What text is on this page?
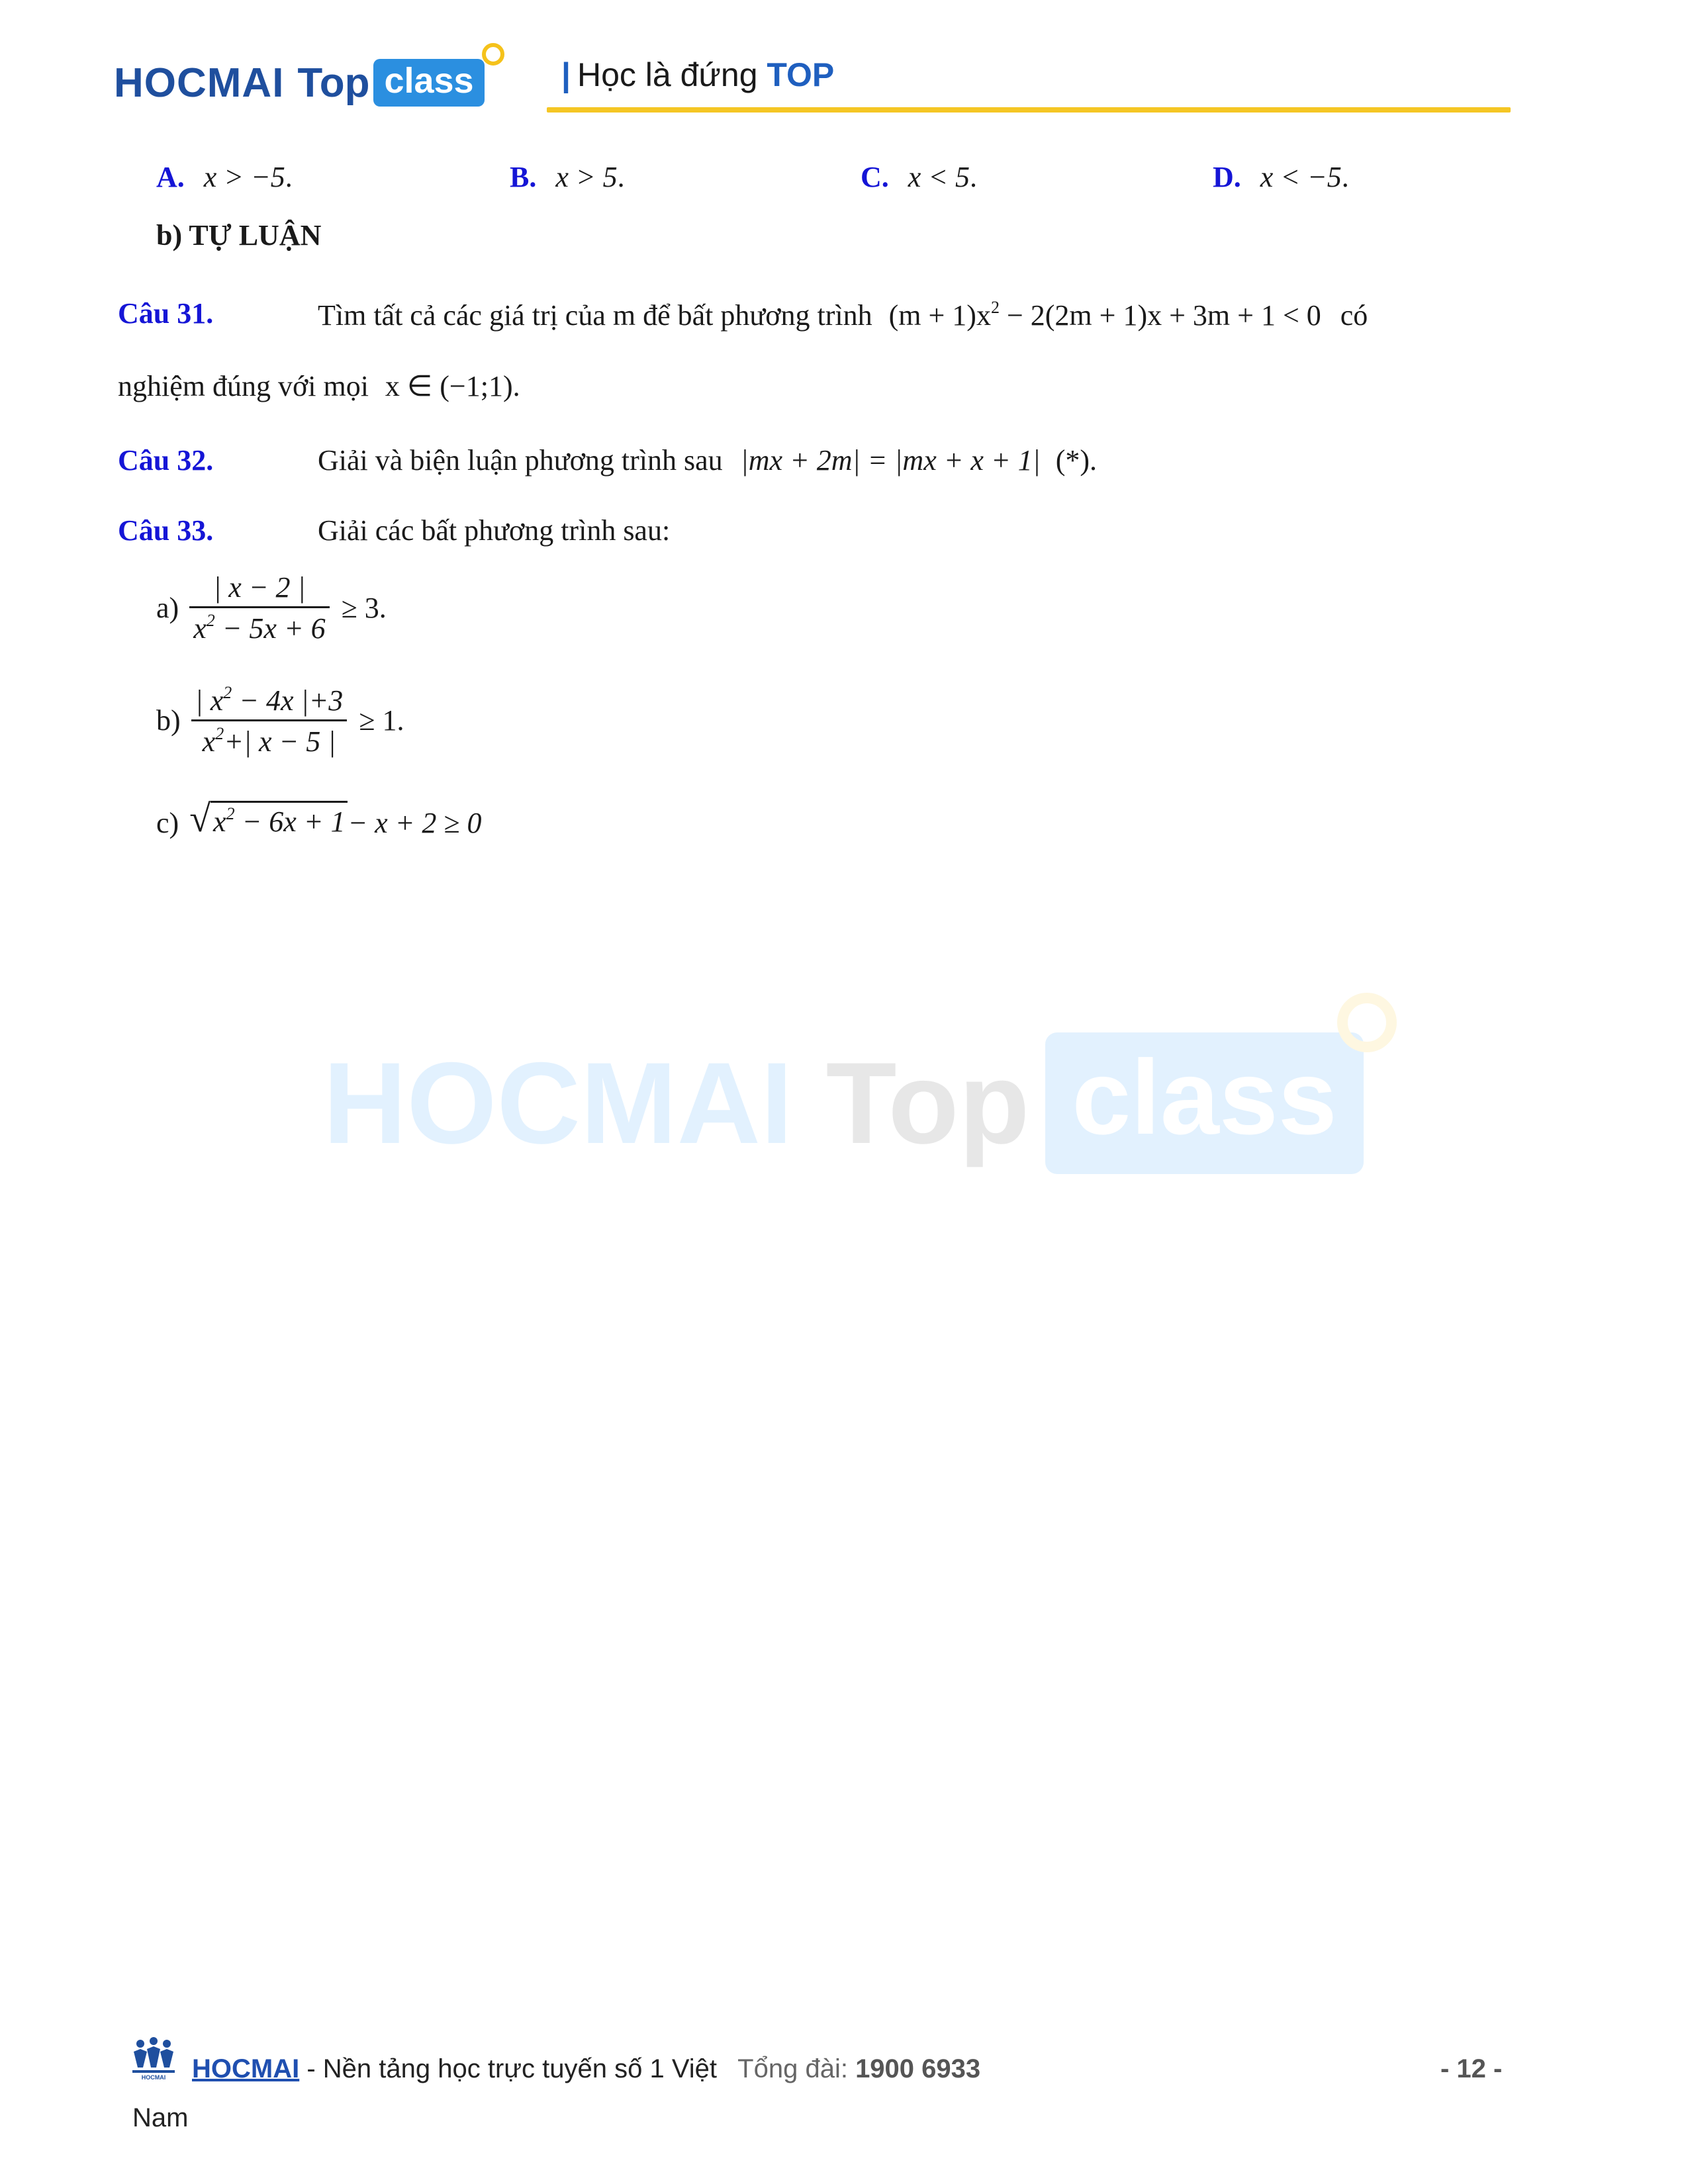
HOCMAI Top class	| Học là đứng TOP
A. x > −5.	B. x > 5.	C. x < 5.	D. x < −5.
b) TỰ LUẬN
Câu 31.	Tìm tất cả các giá trị của m để bất phương trình $(m + 1)x^2 - 2(2m + 1)x + 3m + 1 < 0$ có
nghiệm đúng với mọi x ∈ (−1;1).
Câu 32.	Giải và biện luận phương trình sau |mx + 2m| = |mx + x + 1| (*).
Câu 33.	Giải các bất phương trình sau:
$a) \frac{| x - 2 |}{x^2 - 5x + 6} \ge 3$.
$b) \frac{| x^2 - 4x |+3}{x^2+| x - 5 |} \ge 1$.
c) $√x^2 - 6x + 1 - x + 2 \ge 0$
HOCMAI Top class
HOCMAI HOCMAI - Nền tảng học trực tuyến số 1 Việt Tổng đài: 1900 6933	- 12 -
Nam
